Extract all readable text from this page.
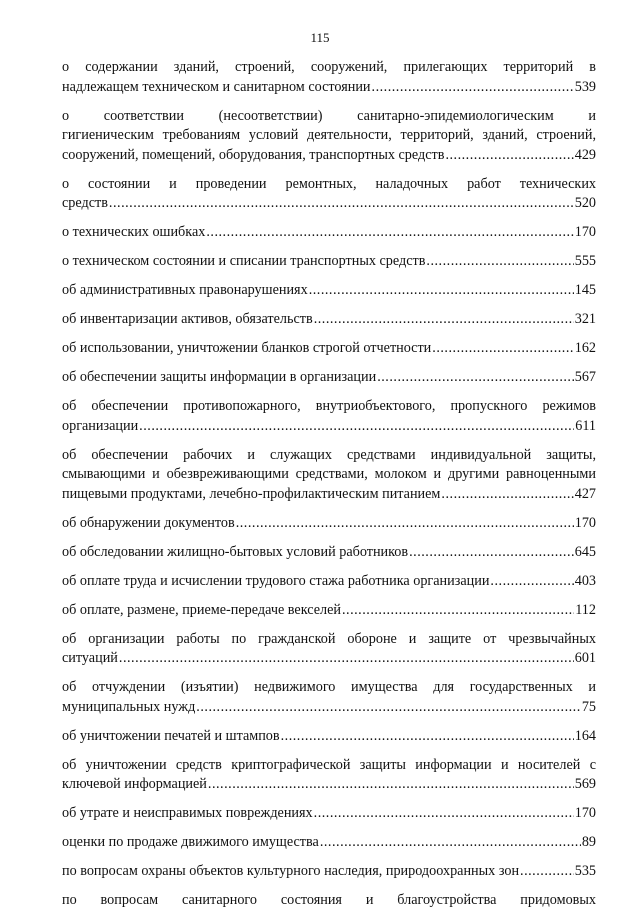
115
о содержании зданий, строений, сооружений, прилегающих территорий в
надлежащем техническом и санитарном состоянии .....	539
о соответствии (несоответствии) санитарно-эпидемиологическим и
гигиеническим требованиям условий деятельности, территорий, зданий, строений,
сооружений, помещений, оборудования, транспортных средств .....	429
о состоянии и проведении ремонтных, наладочных работ технических
средств .....	520
о технических ошибках .....	170
о техническом состоянии и списании транспортных средств .....	555
об административных правонарушениях .....	145
об инвентаризации активов, обязательств .....	321
об использовании, уничтожении бланков строгой отчетности .....	162
об обеспечении защиты информации в организации .....	567
об обеспечении противопожарного, внутриобъектового, пропускного режимов
организации .....	611
об обеспечении рабочих и служащих средствами индивидуальной защиты,
смывающими и обезвреживающими средствами, молоком и другими равноценными
пищевыми продуктами, лечебно-профилактическим питанием .....	427
об обнаружении документов .....	170
об обследовании жилищно-бытовых условий работников .....	645
об оплате труда и исчислении трудового стажа работника организации .....	403
об оплате, размене, приеме-передаче векселей .....	112
об организации работы по гражданской обороне и защите от чрезвычайных
ситуаций .....	601
об отчуждении (изъятии) недвижимого имущества для государственных и
муниципальных нужд .....	75
об уничтожении печатей и штампов .....	164
об уничтожении средств криптографической защиты информации и носителей с
ключевой информацией .....	569
об утрате и неисправимых повреждениях .....	170
оценки по продаже движимого имущества .....	89
по вопросам охраны объектов культурного наследия, природоохранных зон .....	535
по вопросам санитарного состояния и благоустройства придомовых
